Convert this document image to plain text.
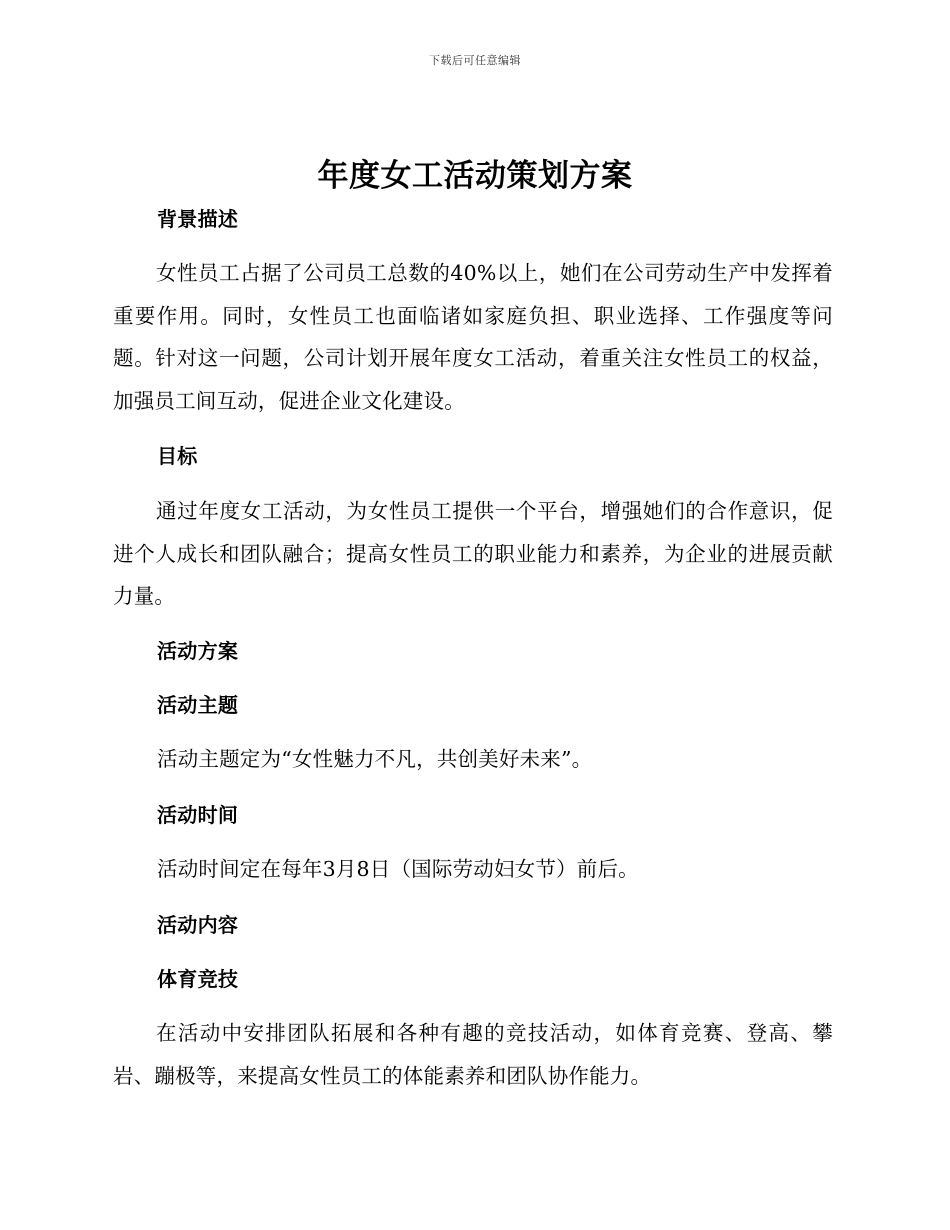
下载后可任意编辑
年度女工活动策划方案
背景描述
女性员工占据了公司员工总数的40%以上，她们在公司劳动生产中发挥着重要作用。同时，女性员工也面临诸如家庭负担、职业选择、工作强度等问题。针对这一问题，公司计划开展年度女工活动，着重关注女性员工的权益，加强员工间互动，促进企业文化建设。
目标
通过年度女工活动，为女性员工提供一个平台，增强她们的合作意识，促进个人成长和团队融合；提高女性员工的职业能力和素养，为企业的进展贡献力量。
活动方案
活动主题
活动主题定为“女性魅力不凡，共创美好未来”。
活动时间
活动时间定在每年3月8日（国际劳动妇女节）前后。
活动内容
体育竞技
在活动中安排团队拓展和各种有趣的竞技活动，如体育竞赛、登高、攀岩、蹦极等，来提高女性员工的体能素养和团队协作能力。
